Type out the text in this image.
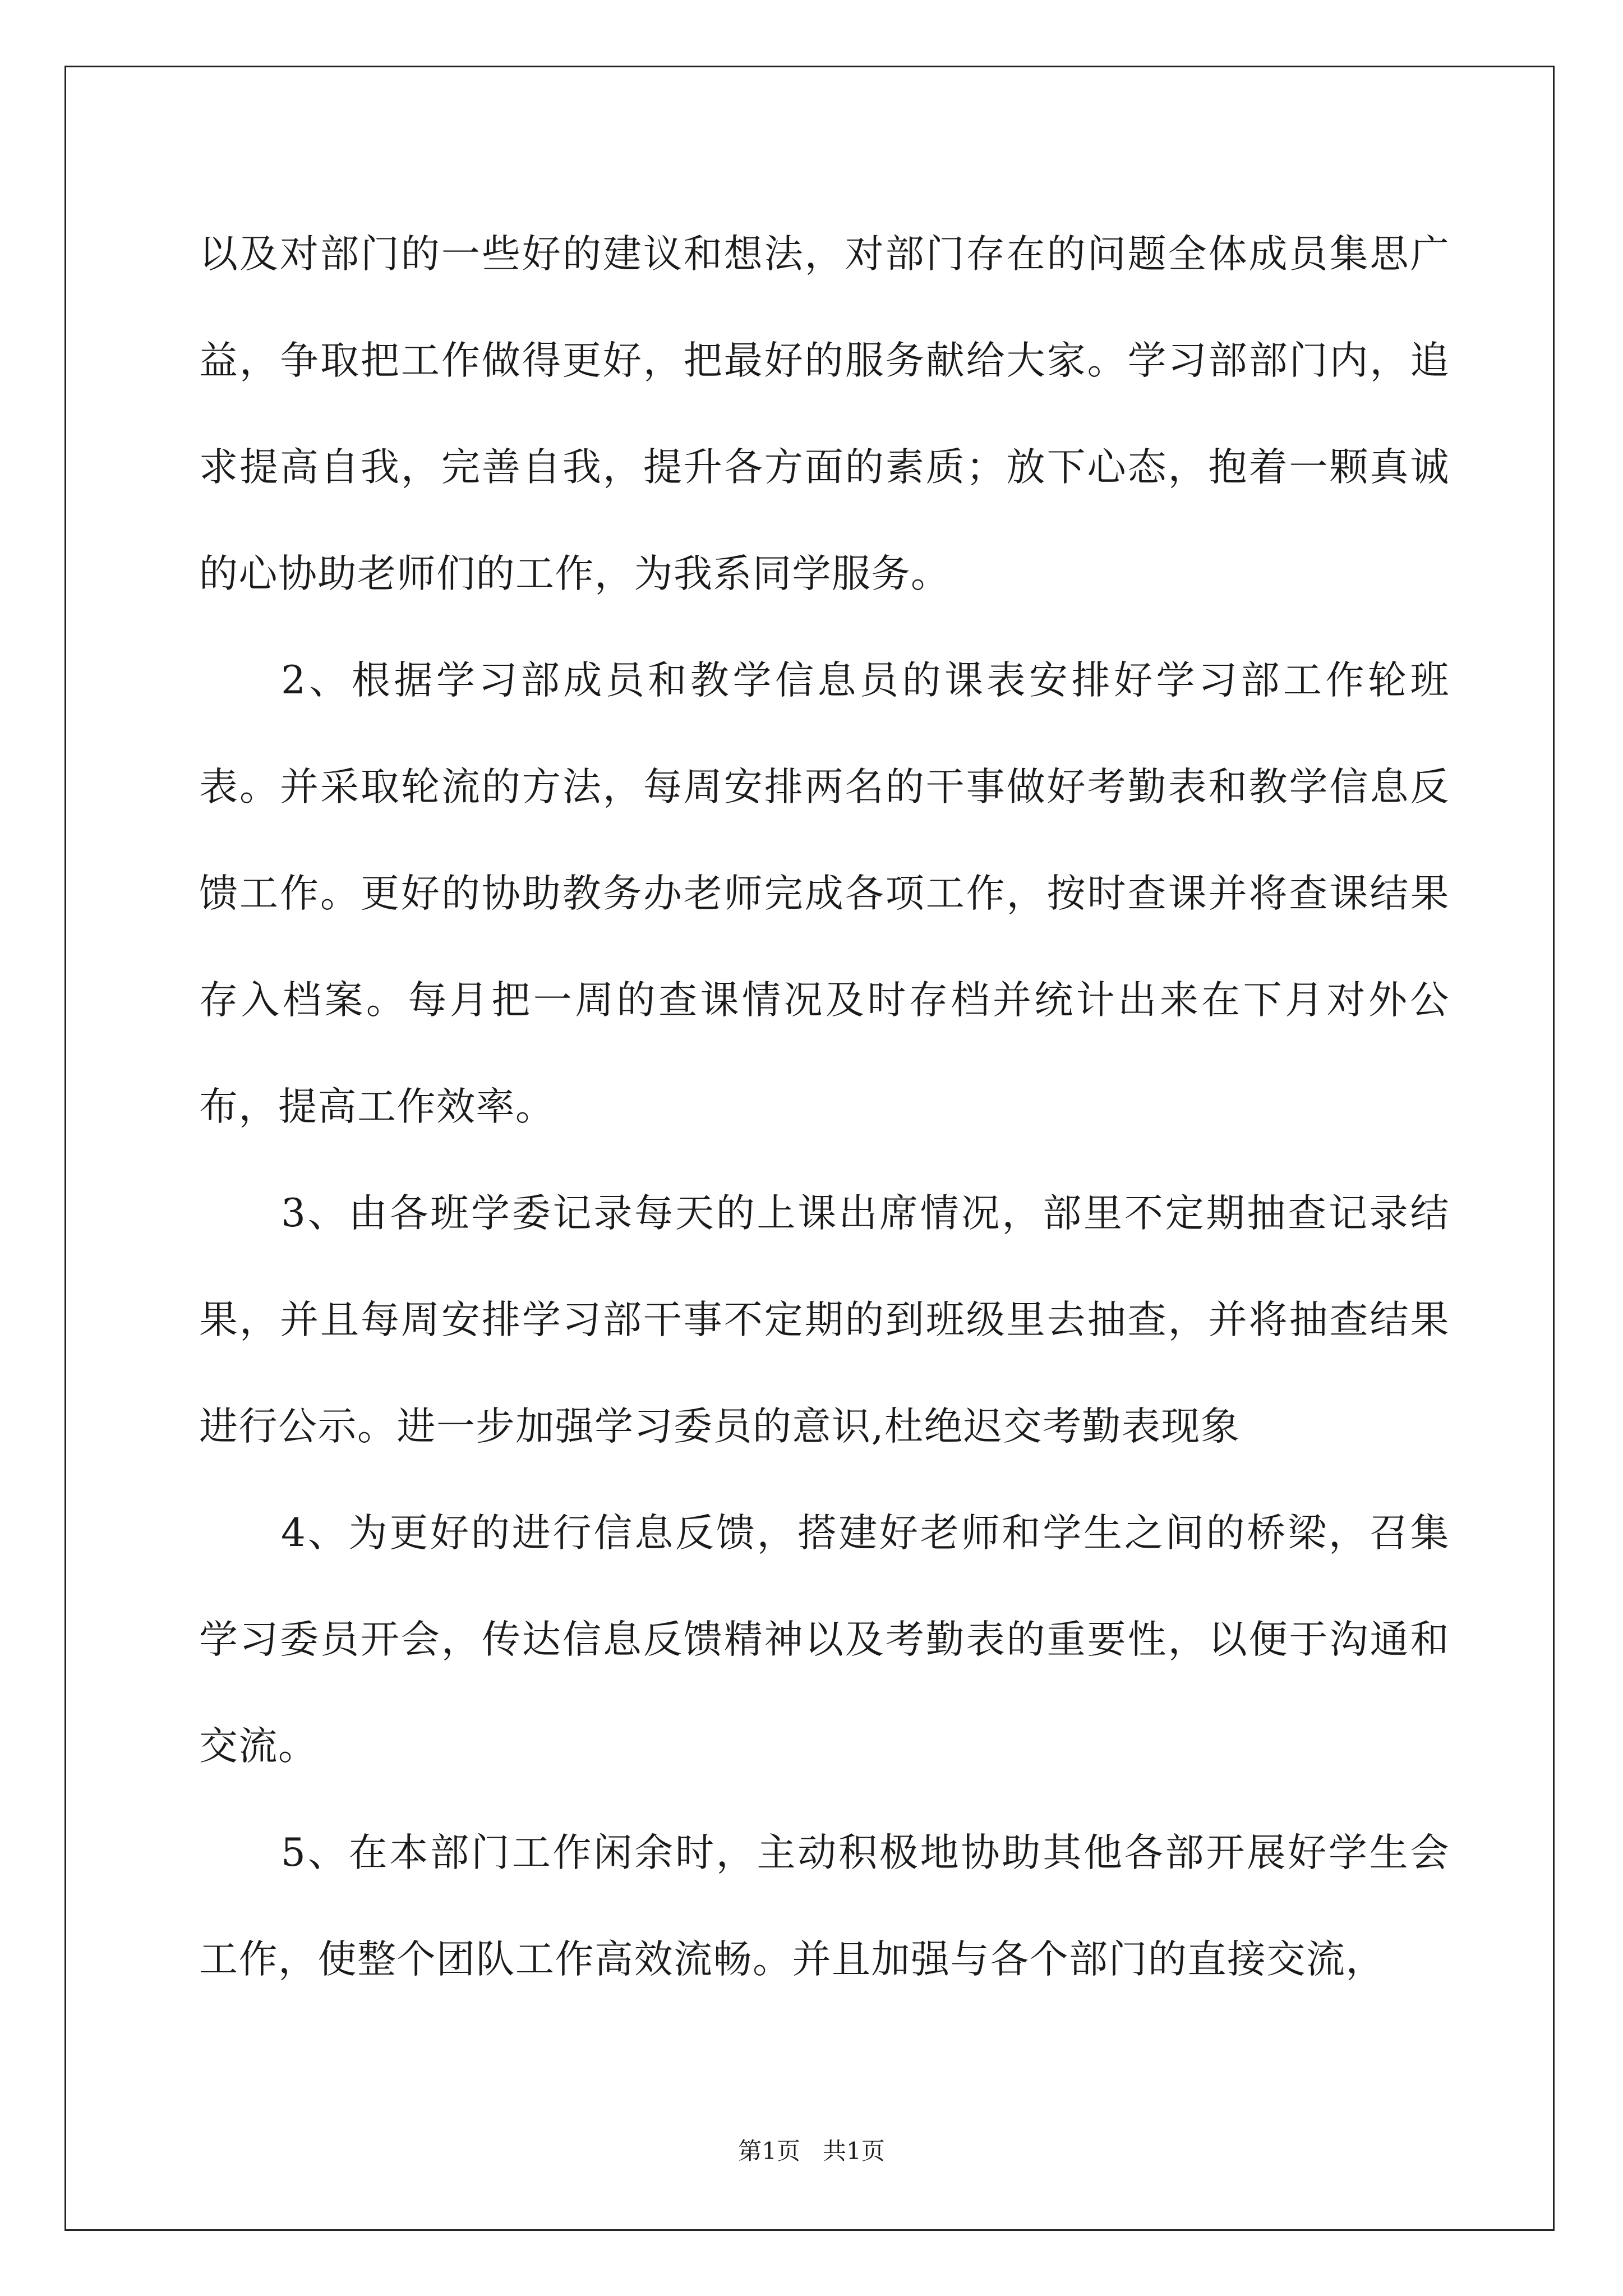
以及对部门的一些好的建议和想法，对部门存在的问题全体成员集思广益，争取把工作做得更好，把最好的服务献给大家。学习部部门内，追求提高自我，完善自我，提升各方面的素质；放下心态，抱着一颗真诚的心协助老师们的工作，为我系同学服务。

2、根据学习部成员和教学信息员的课表安排好学习部工作轮班表。并采取轮流的方法，每周安排两名的干事做好考勤表和教学信息反馈工作。更好的协助教务办老师完成各项工作，按时查课并将查课结果存入档案。每月把一周的查课情况及时存档并统计出来在下月对外公布，提高工作效率。

3、由各班学委记录每天的上课出席情况，部里不定期抽查记录结果，并且每周安排学习部干事不定期的到班级里去抽查，并将抽查结果进行公示。进一步加强学习委员的意识,杜绝迟交考勤表现象

4、为更好的进行信息反馈，搭建好老师和学生之间的桥梁，召集学习委员开会，传达信息反馈精神以及考勤表的重要性，以便于沟通和交流。

5、在本部门工作闲余时，主动积极地协助其他各部开展好学生会工作，使整个团队工作高效流畅。并且加强与各个部门的直接交流，

第1页 共1页
